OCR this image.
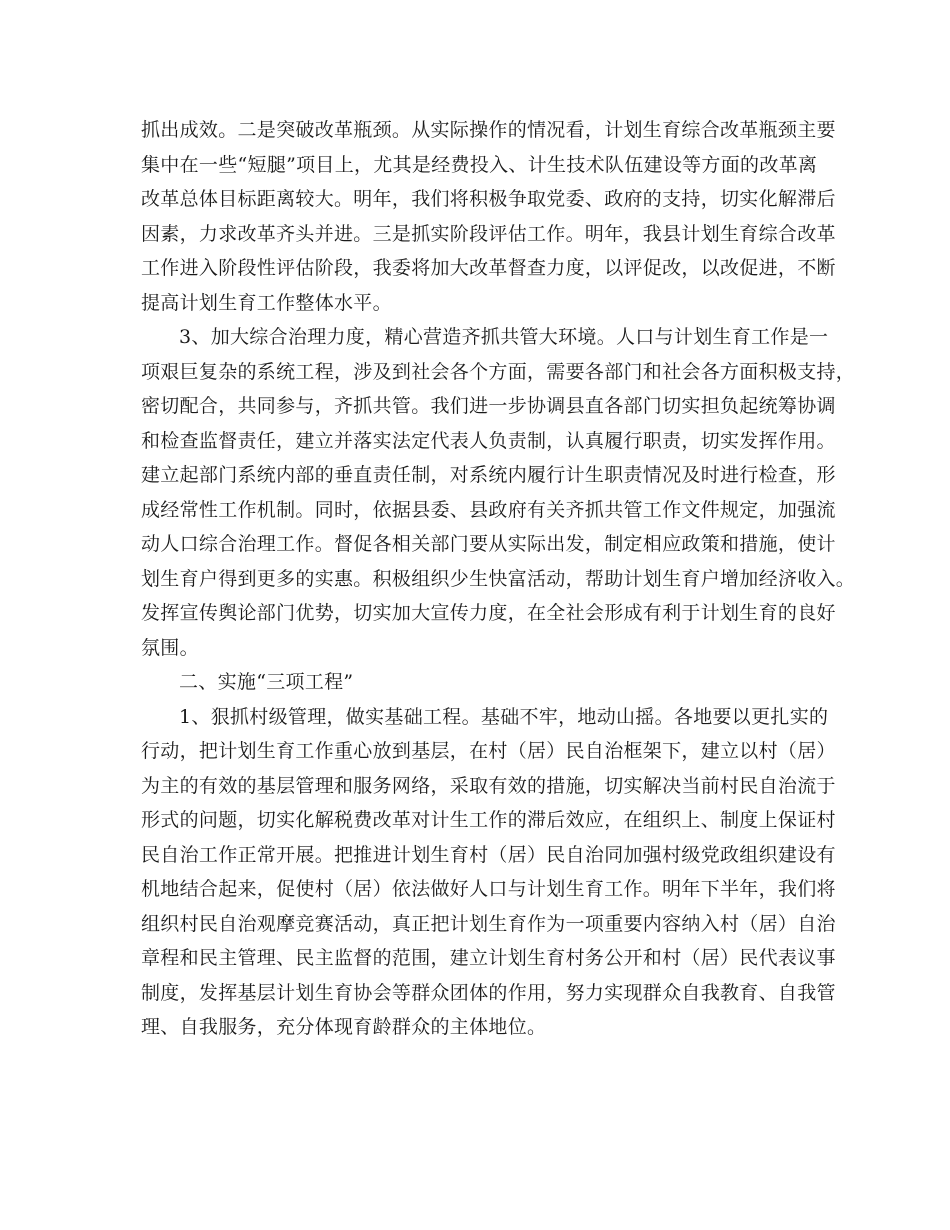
抓出成效。二是突破改革瓶颈。从实际操作的情况看，计划生育综合改革瓶颈主要
集中在一些“短腿”项目上，尤其是经费投入、计生技术队伍建设等方面的改革离
改革总体目标距离较大。明年，我们将积极争取党委、政府的支持，切实化解滞后
因素，力求改革齐头并进。三是抓实阶段评估工作。明年，我县计划生育综合改革
工作进入阶段性评估阶段，我委将加大改革督查力度，以评促改，以改促进，不断
提高计划生育工作整体水平。
3、加大综合治理力度，精心营造齐抓共管大环境。人口与计划生育工作是一
项艰巨复杂的系统工程，涉及到社会各个方面，需要各部门和社会各方面积极支持，
密切配合，共同参与，齐抓共管。我们进一步协调县直各部门切实担负起统筹协调
和检查监督责任，建立并落实法定代表人负责制，认真履行职责，切实发挥作用。
建立起部门系统内部的垂直责任制，对系统内履行计生职责情况及时进行检查，形
成经常性工作机制。同时，依据县委、县政府有关齐抓共管工作文件规定，加强流
动人口综合治理工作。督促各相关部门要从实际出发，制定相应政策和措施，使计
划生育户得到更多的实惠。积极组织少生快富活动，帮助计划生育户增加经济收入。
发挥宣传舆论部门优势，切实加大宣传力度，在全社会形成有利于计划生育的良好
氛围。
二、实施“三项工程”
1、狠抓村级管理，做实基础工程。基础不牢，地动山摇。各地要以更扎实的
行动，把计划生育工作重心放到基层，在村（居）民自治框架下，建立以村（居）
为主的有效的基层管理和服务网络，采取有效的措施，切实解决当前村民自治流于
形式的问题，切实化解税费改革对计生工作的滞后效应，在组织上、制度上保证村
民自治工作正常开展。把推进计划生育村（居）民自治同加强村级党政组织建设有
机地结合起来，促使村（居）依法做好人口与计划生育工作。明年下半年，我们将
组织村民自治观摩竞赛活动，真正把计划生育作为一项重要内容纳入村（居）自治
章程和民主管理、民主监督的范围，建立计划生育村务公开和村（居）民代表议事
制度，发挥基层计划生育协会等群众团体的作用，努力实现群众自我教育、自我管
理、自我服务，充分体现育龄群众的主体地位。
